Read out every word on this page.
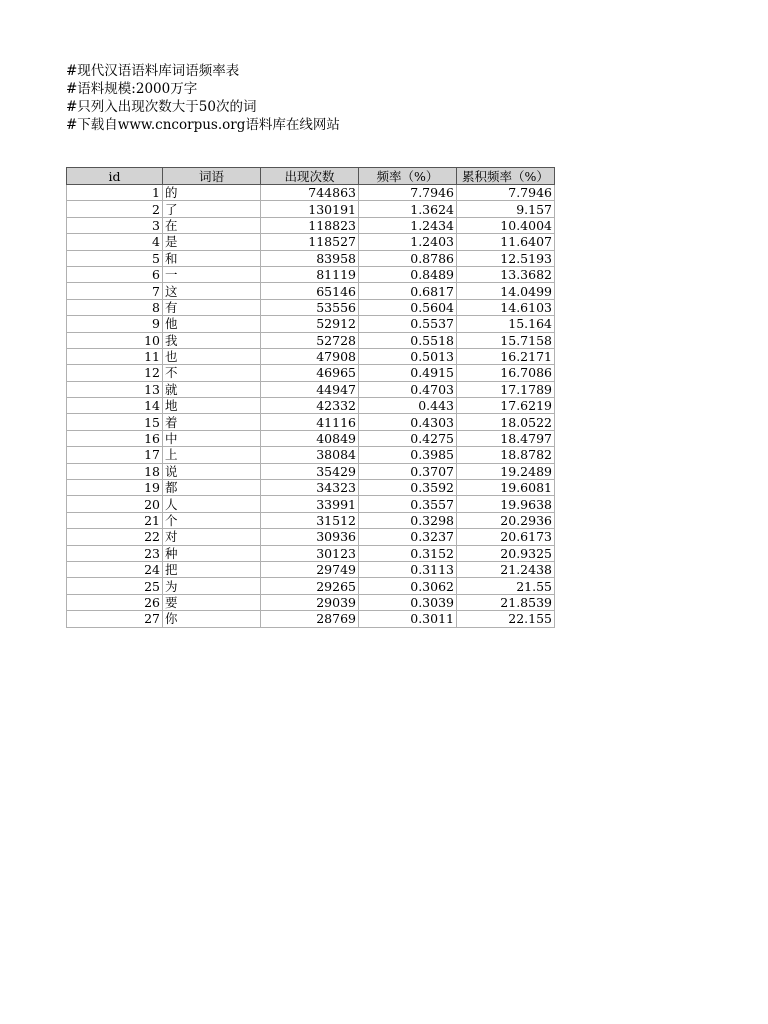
#现代汉语语料库词语频率表
#语料规模:2000万字
#只列入出现次数大于50次的词
#下载自www.cncorpus.org语料库在线网站
id	词语	出现次数	频率（%）	累积频率（%）
1	的	744863	7.7946	7.7946
2	了	130191	1.3624	9.157
3	在	118823	1.2434	10.4004
4	是	118527	1.2403	11.6407
5	和	83958	0.8786	12.5193
6	一	81119	0.8489	13.3682
7	这	65146	0.6817	14.0499
8	有	53556	0.5604	14.6103
9	他	52912	0.5537	15.164
10	我	52728	0.5518	15.7158
11	也	47908	0.5013	16.2171
12	不	46965	0.4915	16.7086
13	就	44947	0.4703	17.1789
14	地	42332	0.443	17.6219
15	着	41116	0.4303	18.0522
16	中	40849	0.4275	18.4797
17	上	38084	0.3985	18.8782
18	说	35429	0.3707	19.2489
19	都	34323	0.3592	19.6081
20	人	33991	0.3557	19.9638
21	个	31512	0.3298	20.2936
22	对	30936	0.3237	20.6173
23	种	30123	0.3152	20.9325
24	把	29749	0.3113	21.2438
25	为	29265	0.3062	21.55
26	要	29039	0.3039	21.8539
27	你	28769	0.3011	22.155
